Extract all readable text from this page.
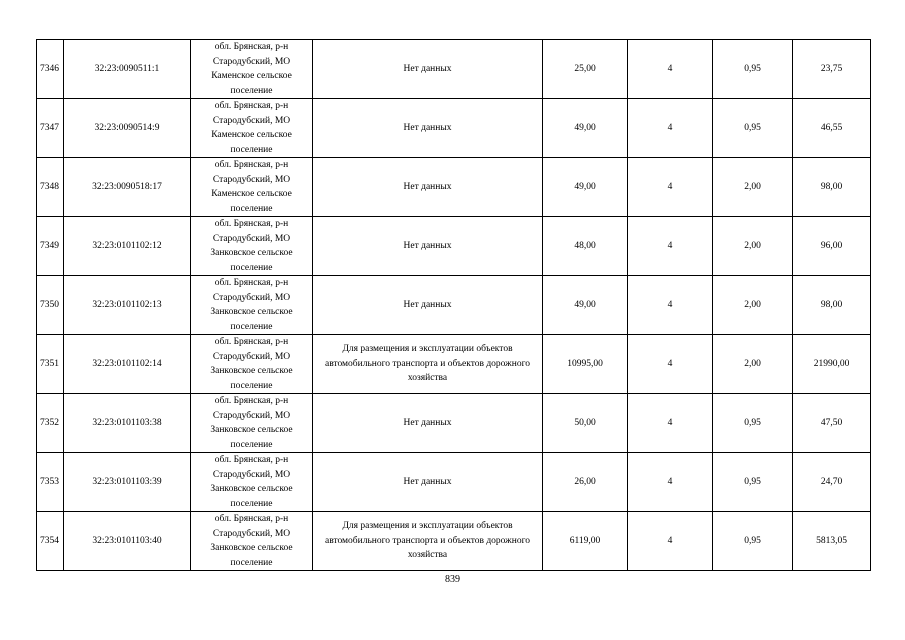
7346	32:23:0090511:1	обл. Брянская, р-н Стародубский, МО Каменское сельское поселение	Нет данных	25,00	4	0,95	23,75
7347	32:23:0090514:9	обл. Брянская, р-н Стародубский, МО Каменское сельское поселение	Нет данных	49,00	4	0,95	46,55
7348	32:23:0090518:17	обл. Брянская, р-н Стародубский, МО Каменское сельское поселение	Нет данных	49,00	4	2,00	98,00
7349	32:23:0101102:12	обл. Брянская, р-н Стародубский, МО Занковское сельское поселение	Нет данных	48,00	4	2,00	96,00
7350	32:23:0101102:13	обл. Брянская, р-н Стародубский, МО Занковское сельское поселение	Нет данных	49,00	4	2,00	98,00
7351	32:23:0101102:14	обл. Брянская, р-н Стародубский, МО Занковское сельское поселение	Для размещения и эксплуатации объектов автомобильного транспорта и объектов дорожного хозяйства	10995,00	4	2,00	21990,00
7352	32:23:0101103:38	обл. Брянская, р-н Стародубский, МО Занковское сельское поселение	Нет данных	50,00	4	0,95	47,50
7353	32:23:0101103:39	обл. Брянская, р-н Стародубский, МО Занковское сельское поселение	Нет данных	26,00	4	0,95	24,70
7354	32:23:0101103:40	обл. Брянская, р-н Стародубский, МО Занковское сельское поселение	Для размещения и эксплуатации объектов автомобильного транспорта и объектов дорожного хозяйства	6119,00	4	0,95	5813,05
839
